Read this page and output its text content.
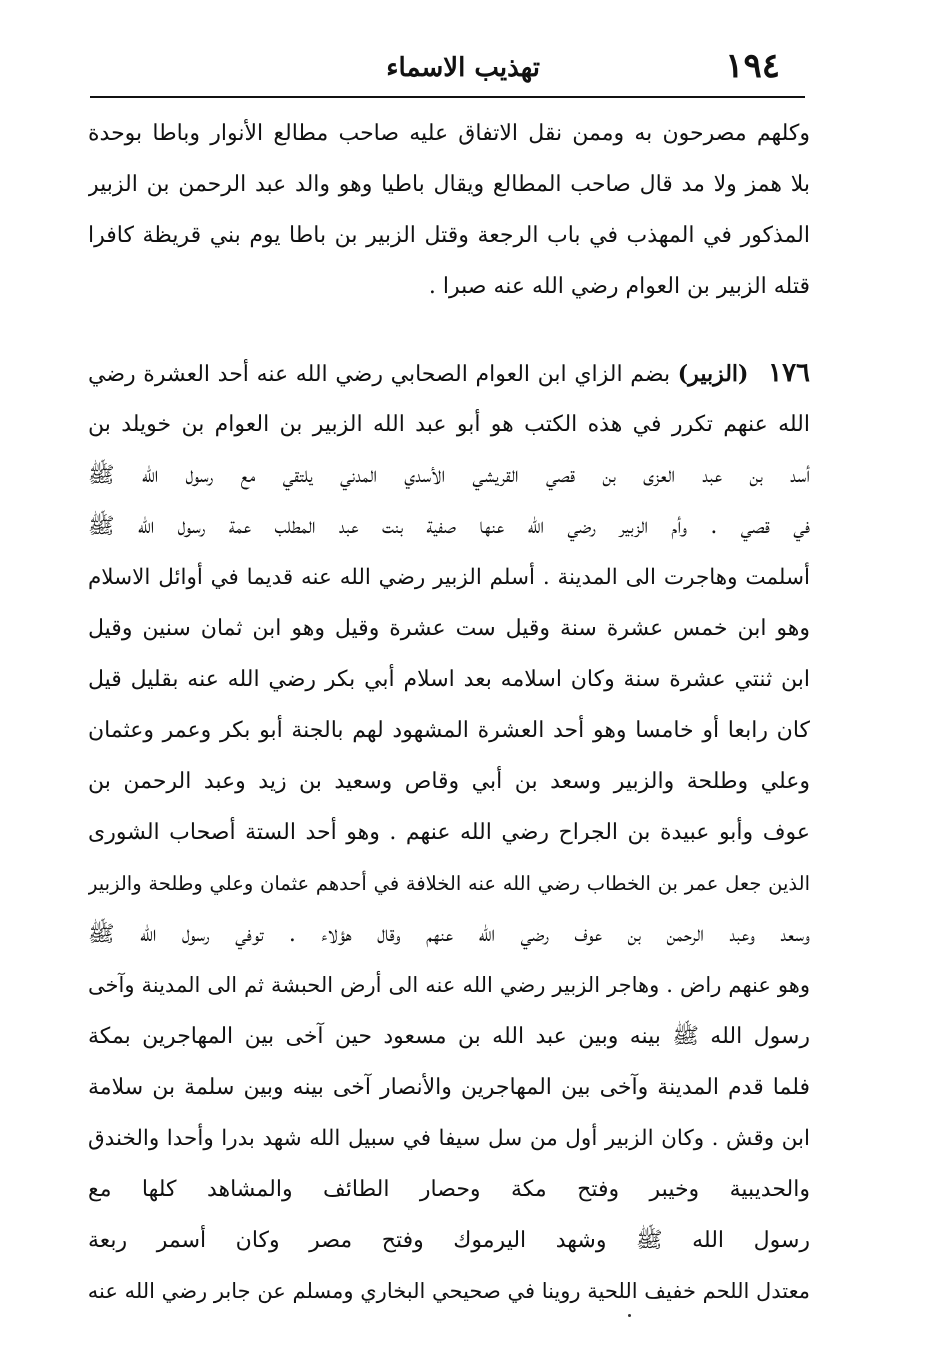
١٩٤
تهذيب الاسماء
وكلهم مصرحون به وممن نقل الاتفاق عليه صاحب مطالع الأنوار وباطا بوحدة
بلا همز ولا مد قال صاحب المطالع ويقال باطيا وهو والد عبد الرحمن بن الزبير
المذكور في المهذب في باب الرجعة وقتل الزبير بن باطا يوم بني قريظة كافرا
قتله الزبير بن العوام رضي الله عنه صبرا .
١٧٦ (الزبير) بضم الزاي ابن العوام الصحابي رضي الله عنه أحد العشرة رضي
الله عنهم تكرر في هذه الكتب هو أبو عبد الله الزبير بن العوام بن خويلد بن
أسد بن عبد العزى بن قصي القريشي الأسدي المدني يلتقي مع رسول الله ﷺ
في قصي . وأم الزبير رضي الله عنها صفية بنت عبد المطلب عمة رسول الله ﷺ
أسلمت وهاجرت الى المدينة . أسلم الزبير رضي الله عنه قديما في أوائل الاسلام
وهو ابن خمس عشرة سنة وقيل ست عشرة وقيل وهو ابن ثمان سنين وقيل
ابن ثنتي عشرة سنة وكان اسلامه بعد اسلام أبي بكر رضي الله عنه بقليل قيل
كان رابعا أو خامسا وهو أحد العشرة المشهود لهم بالجنة أبو بكر وعمر وعثمان
وعلي وطلحة والزبير وسعد بن أبي وقاص وسعيد بن زيد وعبد الرحمن بن
عوف وأبو عبيدة بن الجراح رضي الله عنهم . وهو أحد الستة أصحاب الشورى
الذين جعل عمر بن الخطاب رضي الله عنه الخلافة في أحدهم عثمان وعلي وطلحة والزبير
وسعد وعبد الرحمن بن عوف رضي الله عنهم وقال هؤلاء . توفي رسول الله ﷺ
وهو عنهم راض . وهاجر الزبير رضي الله عنه الى أرض الحبشة ثم الى المدينة وآخى
رسول الله ﷺ بينه وبين عبد الله بن مسعود حين آخى بين المهاجرين بمكة
فلما قدم المدينة وآخى بين المهاجرين والأنصار آخى بينه وبين سلمة بن سلامة
ابن وقش . وكان الزبير أول من سل سيفا في سبيل الله شهد بدرا وأحدا والخندق
والحديبية وخيبر وفتح مكة وحصار الطائف والمشاهد كلها مع
رسول الله ﷺ وشهد اليرموك وفتح مصر وكان أسمر ربعة
معتدل اللحم خفيف اللحية روينا في صحيحي البخاري ومسلم عن جابر رضي الله عنه
